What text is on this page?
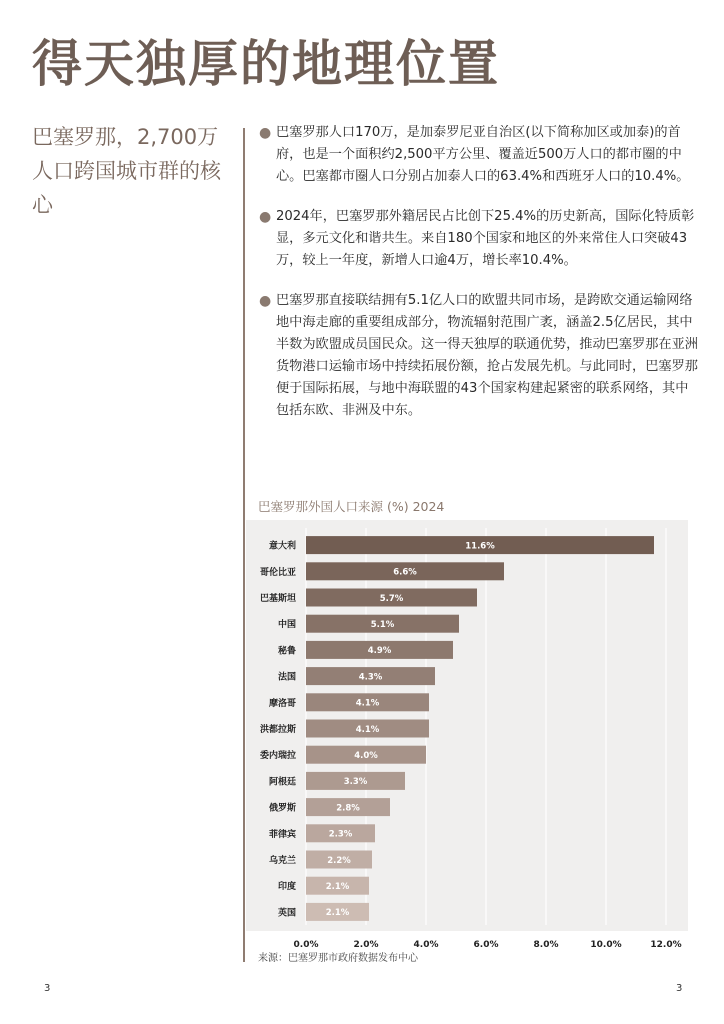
得天独厚的地理位置
巴塞罗那，2,700万人口跨国城市群的核心
● 巴塞罗那人口170万，是加泰罗尼亚自治区(以下简称加区或加泰)的首府，也是一个面积约2,500平方公里、覆盖近500万人口的都市圈的中心。巴塞都市圈人口分别占加泰人口的63.4%和西班牙人口的10.4%。
● 2024年，巴塞罗那外籍居民占比创下25.4%的历史新高，国际化特质彰显，多元文化和谐共生。来自180个国家和地区的外来常住人口突破43万，较上一年度，新增人口逾4万，增长率10.4%。
● 巴塞罗那直接联结拥有5.1亿人口的欧盟共同市场，是跨欧交通运输网络地中海走廊的重要组成部分，物流辐射范围广袤，涵盖2.5亿居民，其中半数为欧盟成员国民众。这一得天独厚的联通优势，推动巴塞罗那在亚洲货物港口运输市场中持续拓展份额，抢占发展先机。与此同时，巴塞罗那便于国际拓展，与地中海联盟的43个国家构建起紧密的联系网络，其中包括东欧、非洲及中东。
巴塞罗那外国人口来源 (%) 2024
意大利	11.6%
哥伦比亚	6.6%
巴基斯坦	5.7%
中国	5.1%
秘鲁	4.9%
法国	4.3%
摩洛哥	4.1%
洪都拉斯	4.1%
委内瑞拉	4.0%
阿根廷	3.3%
俄罗斯	2.8%
菲律宾	2.3%
乌克兰	2.2%
印度	2.1%
英国	2.1%
0.0%	2.0%	4.0%	6.0%	8.0%	10.0%	12.0%
来源：巴塞罗那市政府数据发布中心
3	3
